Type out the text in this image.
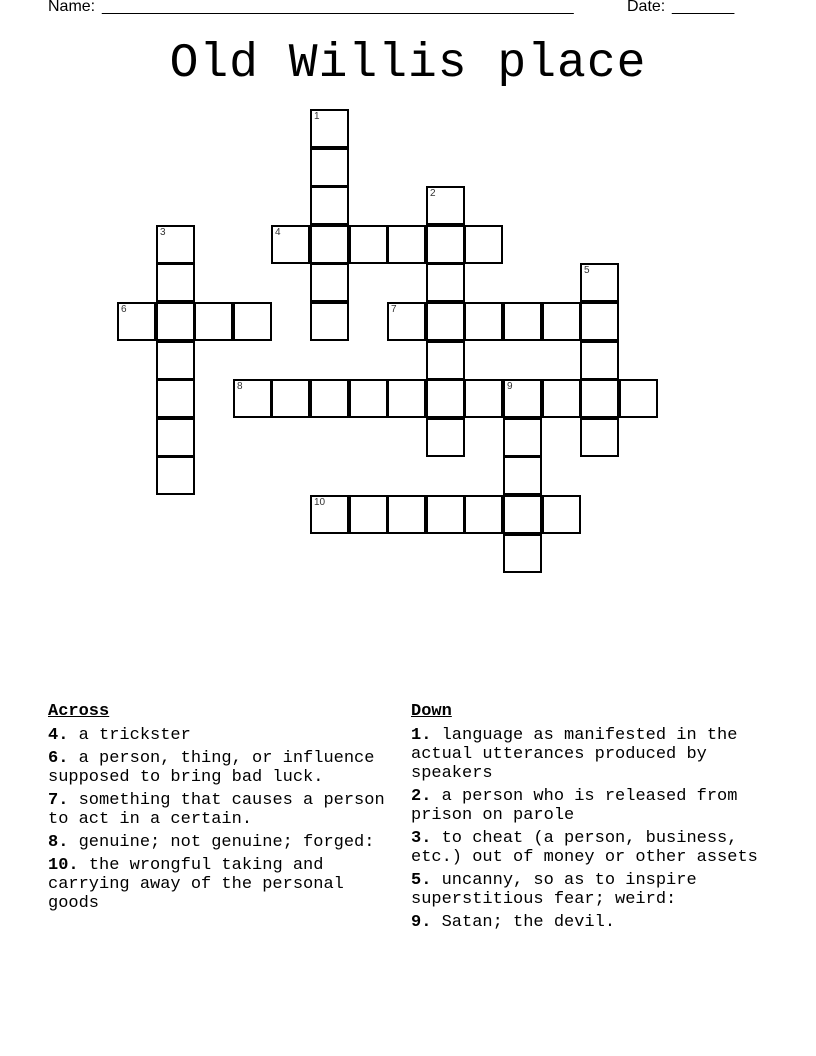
Name: _____________________________________________________	Date: _______
Old Willis place
1
2
3	4
5
6	7
8	9
10
Across
4. a trickster
6. a person, thing, or influence supposed to bring bad luck.
7. something that causes a person to act in a certain.
8. genuine; not genuine; forged:
10. the wrongful taking and carrying away of the personal goods
Down
1. language as manifested in the actual utterances produced by speakers
2. a person who is released from prison on parole
3. to cheat (a person, business, etc.) out of money or other assets
5. uncanny, so as to inspire superstitious fear; weird:
9. Satan; the devil.
